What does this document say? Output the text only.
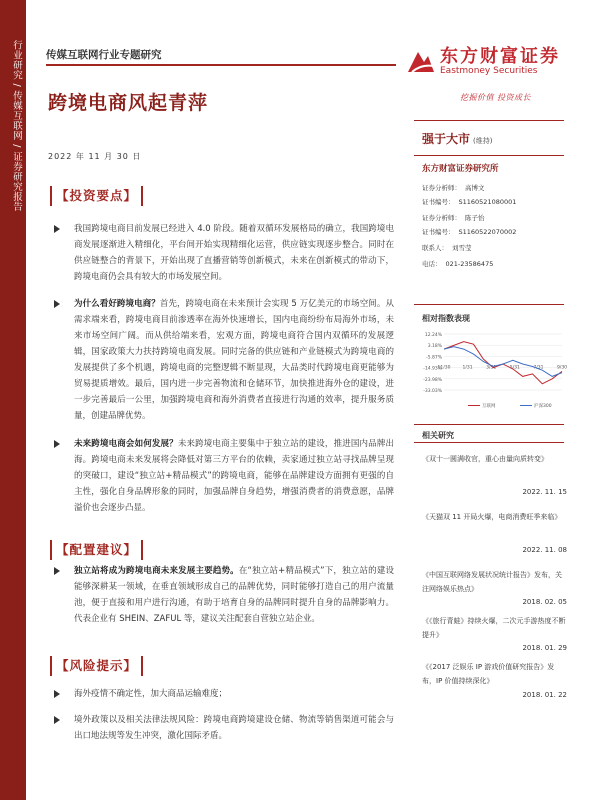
行业研究 / 传媒互联网 / 证券研究报告 传媒互联网行业专题研究
跨境电商风起青萍
2022 年 11 月 30 日
东方财富证券
Eastmoney Securities
挖掘价值 投资成长
强于大市 (维持)
东方财富证券研究所
证券分析师： 高博文
证书编号： S1160521080001
证券分析师： 陈子怡
证书编号： S1160522070002
联系人： 刘雪莹
电话： 021-23586475
相对指数表现
12.24%
3.18%
-5.87%
-14.93%
-23.98%
-33.03%
11/30	1/31	3/31	5/31	7/31	9/30
互联网	沪深300
相关研究
《双十一圆满收官，重心由量向质转变》
2022. 11. 15
《天猫双 11 开局火爆，电商消费旺季来临》
2022. 11. 08
《中国互联网络发展状况统计报告》发布，关注网络娱乐热点》
2018. 02. 05
《《旅行青蛙》持续火爆，二次元手游热度不断提升》
2018. 01. 29
《《2017 泛娱乐 IP 游戏价值研究报告》发布，IP 价值持续深化》
2018. 01. 22
【投资要点】

我国跨境电商目前发展已经进入 4.0 阶段。随着双循环发展格局的确立，我国跨境电商发展逐渐进入精细化，平台间开始实现精细化运营，供应链实现逐步整合。同时在供应链整合的背景下，开始出现了直播营销等创新模式，未来在创新模式的带动下，跨境电商仍会具有较大的市场发展空间。

为什么看好跨境电商？首先，跨境电商在未来预计会实现 5 万亿美元的市场空间。从需求端来看，跨境电商目前渗透率在海外快速增长，国内电商纷纷布局海外市场，未来市场空间广阔。而从供给端来看，宏观方面，跨境电商符合国内双循环的发展逻辑，国家政策大力扶持跨境电商发展。同时完备的供应链和产业链模式为跨境电商的发展提供了多个机遇，跨境电商的完整逻辑不断显现，大品类时代跨境电商更能够为贸易提质增效。最后，国内进一步完善物流和仓储环节，加快推进海外仓的建设，进一步完善最后一公里，加强跨境电商和海外消费者直接进行沟通的效率，提升服务质量，创建品牌优势。

未来跨境电商会如何发展？未来跨境电商主要集中于独立站的建设，推进国内品牌出海。跨境电商未来发展将会降低对第三方平台的依赖，卖家通过独立站寻找品牌呈现的突破口，建设“独立站+精品模式”的跨境电商，能够在品牌建设方面拥有更强的自主性，强化自身品牌形象的同时，加强品牌自身趋势，增强消费者的消费意愿，品牌溢价也会逐步凸显。

【配置建议】

独立站将成为跨境电商未来发展主要趋势。在“独立站+精品模式”下，独立站的建设能够深耕某一领域，在垂直领域形成自己的品牌优势，同时能够打造自己的用户流量池，便于直接和用户进行沟通，有助于培育自身的品牌同时提升自身的品牌影响力。代表企业有 SHEIN、ZAFUL 等，建议关注配套自营独立站企业。

【风险提示】

海外疫情不确定性，加大商品运输难度；

境外政策以及相关法律法规风险：跨境电商跨境建设仓储、物流等销售渠道可能会与出口地法规等发生冲突，激化国际矛盾。
